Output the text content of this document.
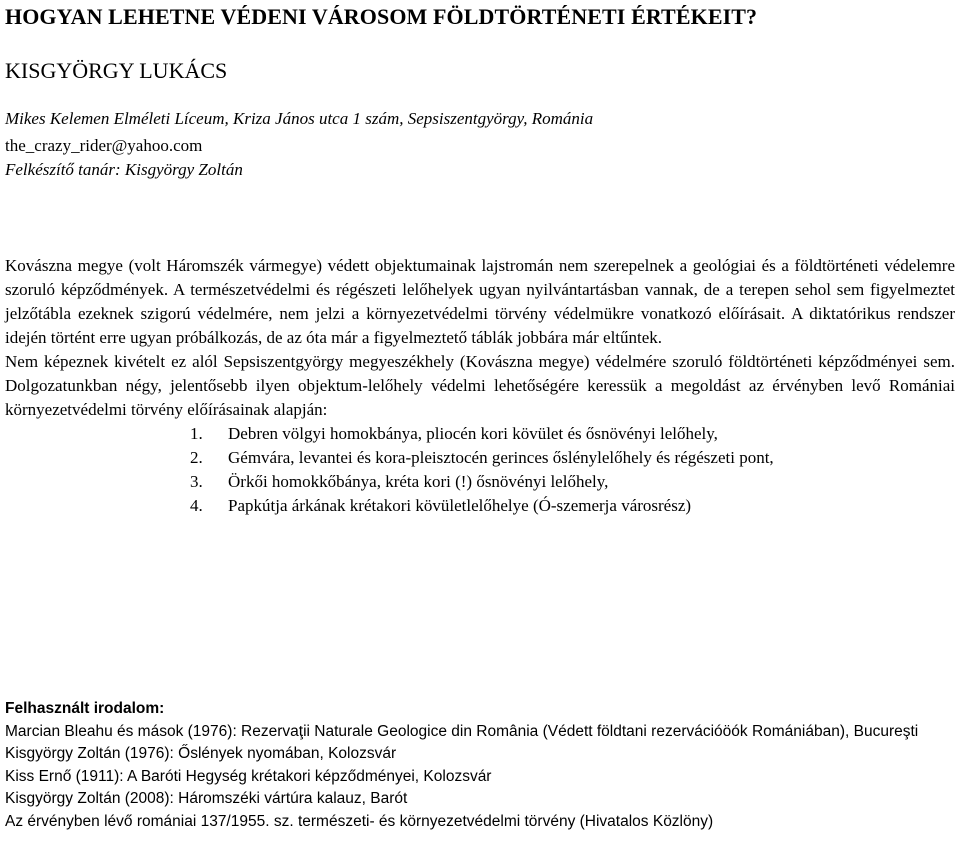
HOGYAN LEHETNE VÉDENI VÁROSOM FÖLDTÖRTÉNETI ÉRTÉKEIT?
KISGYÖRGY LUKÁCS
Mikes Kelemen Elméleti Líceum, Kriza János utca 1 szám, Sepsiszentgyörgy, Románia
the_crazy_rider@yahoo.com
Felkészítő tanár: Kisgyörgy Zoltán

Kovászna megye (volt Háromszék vármegye) védett objektumainak lajstromán nem szerepelnek a geológiai és a földtörténeti védelemre szoruló képződmények. A természetvédelmi és régészeti lelőhelyek ugyan nyilvántartásban vannak, de a terepen sehol sem figyelmeztet jelzőtábla ezeknek szigorú védelmére, nem jelzi a környezetvédelmi törvény védelmükre vonatkozó előírásait. A diktatórikus rendszer idején történt erre ugyan próbálkozás, de az óta már a figyelmeztető táblák jobbára már eltűntek.

Nem képeznek kivételt ez alól Sepsiszentgyörgy megyeszékhely (Kovászna megye) védelmére szoruló földtörténeti képződményei sem. Dolgozatunkban négy, jelentősebb ilyen objektum-lelőhely védelmi lehetőségére keressük a megoldást az érvényben levő Romániai környezetvédelmi törvény előírásainak alapján:

1. Debren völgyi homokbánya, pliocén kori kövület és ősnövényi lelőhely,
2. Gémvára, levantei és kora-pleisztocén gerinces őslénylelőhely és régészeti pont,
3. Örkői homokkőbánya, kréta kori (!) ősnövényi lelőhely,
4. Papkútja árkának krétakori kövületlelőhelye (Ó-szemerja városrész)
Felhasznált irodalom:
Marcian Bleahu és mások (1976): Rezervaţii Naturale Geologice din România (Védett földtani rezervációöók Romániában), Bucureşti
Kisgyörgy Zoltán (1976): Őslények nyomában, Kolozsvár
Kiss Ernő (1911): A Baróti Hegység krétakori képződményei, Kolozsvár
Kisgyörgy Zoltán (2008): Háromszéki vártúra kalauz, Barót
Az érvényben lévő romániai 137/1955. sz. természeti- és környezetvédelmi törvény (Hivatalos Közlöny)
